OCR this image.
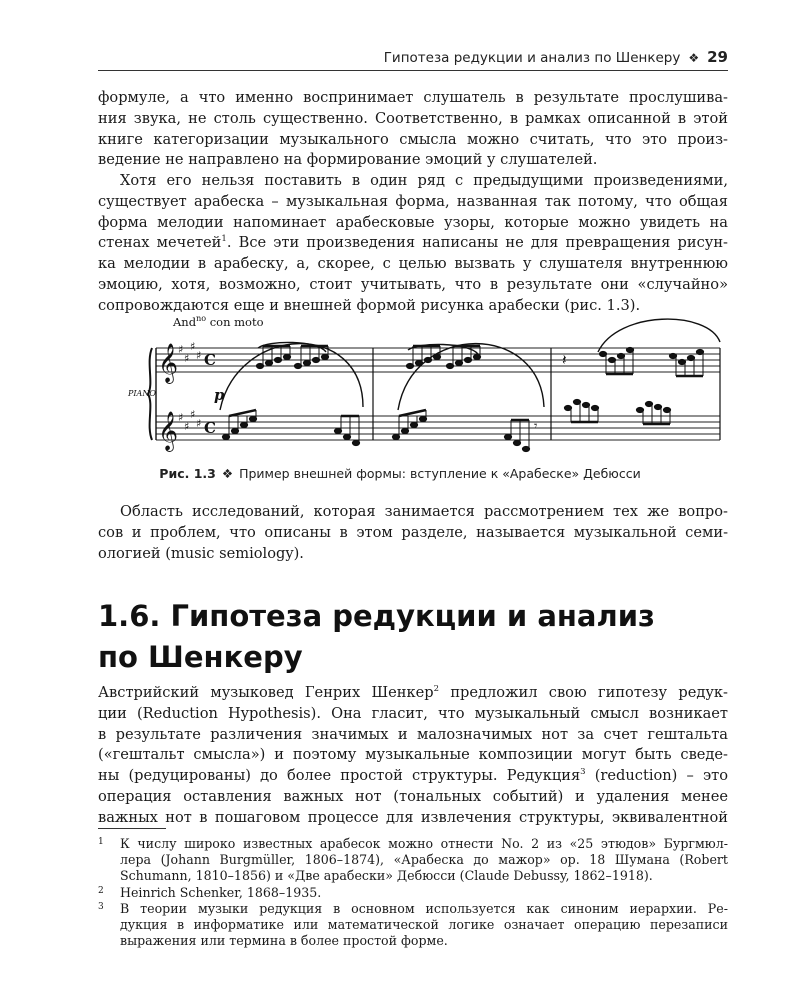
Гипотеза редукции и анализ по Шенкеру ❖ 29

формуле, а что именно воспринимает слушатель в результате прослушива-
ния звука, не столь существенно. Соответственно, в рамках описанной в этой
книге категоризации музыкального смысла можно считать, что это произ-
ведение не направлено на формирование эмоций у слушателей.

Хотя его нельзя поставить в один ряд с предыдущими произведениями,
существует арабеска – музыкальная форма, названная так потому, что общая
форма мелодии напоминает арабесковые узоры, которые можно увидеть на
стенах мечетей$^1$. Все эти произведения написаны не для превращения рисун-
ка мелодии в арабеску, а, скорее, с целью вызвать у слушателя внутреннюю
эмоцию, хотя, возможно, стоит учитывать, что в результате они «случайно»
сопровождаются еще и внешней формой рисунка арабески (рис. 1.3).

And$^{no}$ con moto
PIANO
𝄞
𝄞
♯
♯
♯
♯
♯
♯
♯
♯
C
C
p
𝄽
𝄾
Рис. 1.3 ❖ Пример внешней формы: вступление к «Арабеске» Дебюсси

Область исследований, которая занимается рассмотрением тех же вопро-
сов и проблем, что описаны в этом разделе, называется музыкальной семи-
ологией (music semiology).

1.6. Гипотеза редукции и анализ
по Шенкеру

Австрийский музыковед Генрих Шенкер$^2$ предложил свою гипотезу редук-
ции (Reduction Hypothesis). Она гласит, что музыкальный смысл возникает
в результате различения значимых и малозначимых нот за счет гештальта
(«гештальт смысла») и поэтому музыкальные композиции могут быть сведе-
ны (редуцированы) до более простой структуры. Редукция$^3$ (reduction) – это
операция оставления важных нот (тональных событий) и удаления менее
важных нот в пошаговом процессе для извлечения структуры, эквивалентной

1 К числу широко известных арабесок можно отнести No. 2 из «25 этюдов» Бургмюл-
лера (Johann Burgmüller, 1806–1874), «Арабеска до мажор» ор. 18 Шумана (Robert
Schumann, 1810–1856) и «Две арабески» Дебюсси (Claude Debussy, 1862–1918).
2 Heinrich Schenker, 1868–1935.
3 В теории музыки редукция в основном используется как синоним иерархии. Ре-
дукция в информатике или математической логике означает операцию перезаписи
выражения или термина в более простой форме.
